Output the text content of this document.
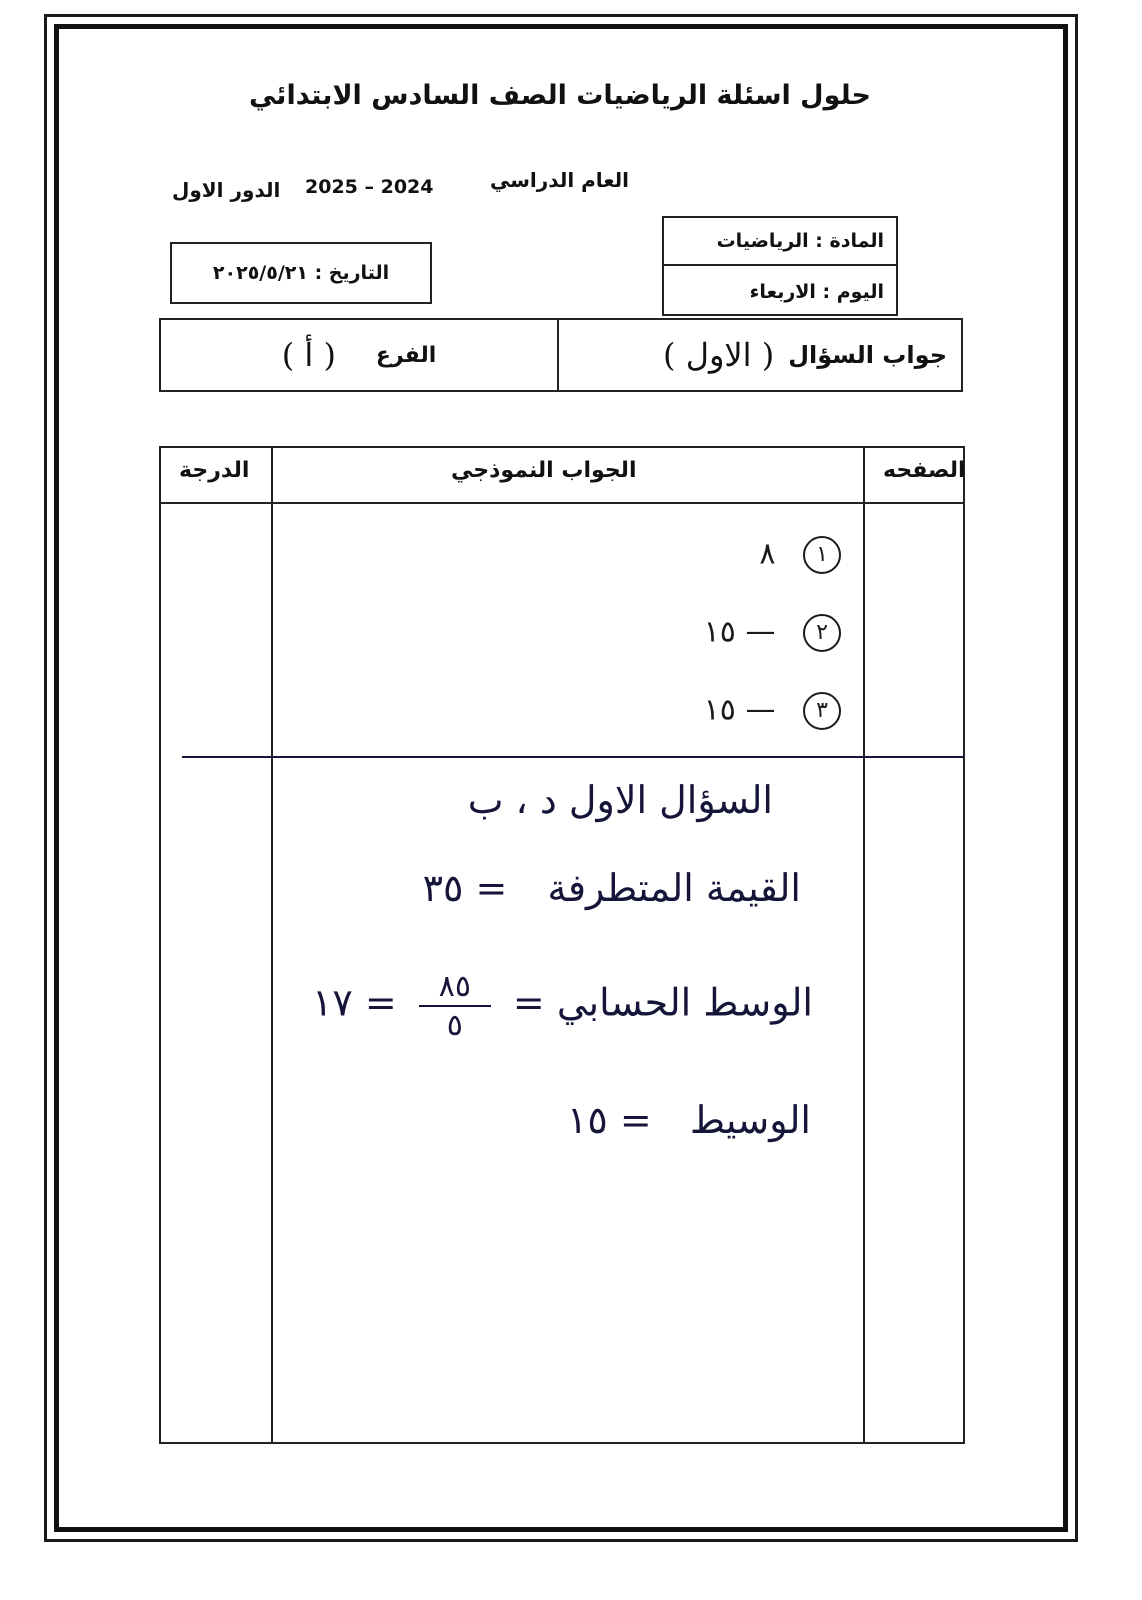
حلول اسئلة الرياضيات الصف السادس الابتدائي
العام الدراسي
2025 – 2024
الدور الاول
التاريخ : ٢٠٢٥/٥/٢١
المادة : الرياضيات
اليوم : الاربعاء
جواب السؤال
( الاول )
الفرع
( أ )
الصفحه
الجواب النموذجي
الدرجة
١ ٨
٢ — ١٥
٣ — ١٥
السؤال الاول د ، ب
القيمة المتطرفة  = ٣٥
الوسط الحسابي =
$\frac{٨٥}{٥}$
= ١٧
الوسيط  = ١٥
